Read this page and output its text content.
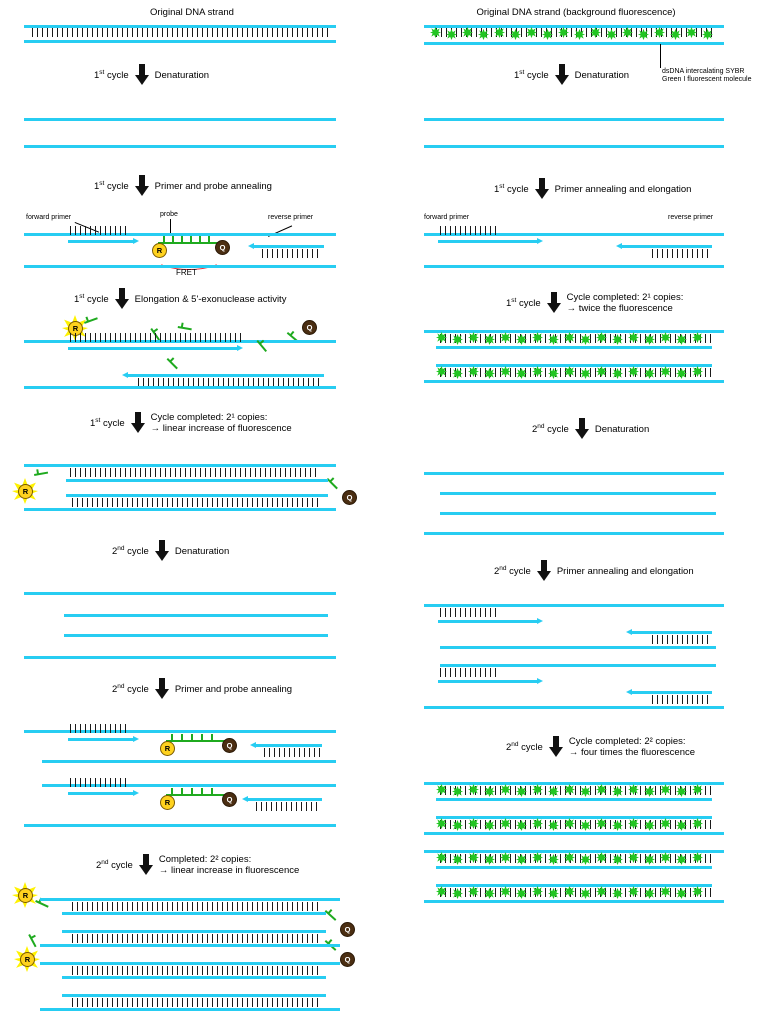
Original DNA strand
1st cycle	Denaturation
1st cycle	Primer and probe annealing
forward primer	probe	reverse primer
R	Q
FRET
1st cycle	Elongation & 5'-exonuclease activity
R	Q
1st cycle
Cycle completed: 2¹ copies:
→ linear increase of fluorescence
R
Q
2nd cycle	Denaturation
2nd cycle	Primer and probe annealing
R	Q
R	Q
2nd cycle
Completed: 2² copies:
→ linear increase in fluorescence
R
R
Q
Q
Original DNA strand (background fluorescence)
dsDNA intercalating SYBR Green I fluorescent molecule
1st cycle	Denaturation
1st cycle	Primer annealing and elongation
forward primer	reverse primer
1st cycle
Cycle completed: 2¹ copies:
→ twice the fluorescence
2nd cycle	Denaturation
2nd cycle	Primer annealing and elongation
2nd cycle
Cycle completed: 2² copies:
→ four times the fluorescence
